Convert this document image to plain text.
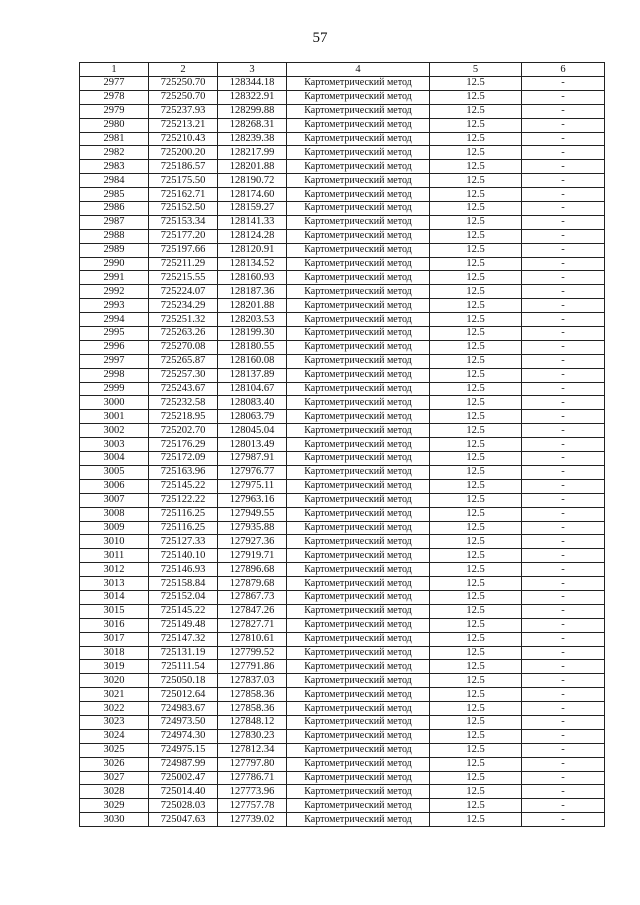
57
1	2	3	4	5	6
2977	725250.70	128344.18	Картометрический метод	12.5	-
2978	725250.70	128322.91	Картометрический метод	12.5	-
2979	725237.93	128299.88	Картометрический метод	12.5	-
2980	725213.21	128268.31	Картометрический метод	12.5	-
2981	725210.43	128239.38	Картометрический метод	12.5	-
2982	725200.20	128217.99	Картометрический метод	12.5	-
2983	725186.57	128201.88	Картометрический метод	12.5	-
2984	725175.50	128190.72	Картометрический метод	12.5	-
2985	725162.71	128174.60	Картометрический метод	12.5	-
2986	725152.50	128159.27	Картометрический метод	12.5	-
2987	725153.34	128141.33	Картометрический метод	12.5	-
2988	725177.20	128124.28	Картометрический метод	12.5	-
2989	725197.66	128120.91	Картометрический метод	12.5	-
2990	725211.29	128134.52	Картометрический метод	12.5	-
2991	725215.55	128160.93	Картометрический метод	12.5	-
2992	725224.07	128187.36	Картометрический метод	12.5	-
2993	725234.29	128201.88	Картометрический метод	12.5	-
2994	725251.32	128203.53	Картометрический метод	12.5	-
2995	725263.26	128199.30	Картометрический метод	12.5	-
2996	725270.08	128180.55	Картометрический метод	12.5	-
2997	725265.87	128160.08	Картометрический метод	12.5	-
2998	725257.30	128137.89	Картометрический метод	12.5	-
2999	725243.67	128104.67	Картометрический метод	12.5	-
3000	725232.58	128083.40	Картометрический метод	12.5	-
3001	725218.95	128063.79	Картометрический метод	12.5	-
3002	725202.70	128045.04	Картометрический метод	12.5	-
3003	725176.29	128013.49	Картометрический метод	12.5	-
3004	725172.09	127987.91	Картометрический метод	12.5	-
3005	725163.96	127976.77	Картометрический метод	12.5	-
3006	725145.22	127975.11	Картометрический метод	12.5	-
3007	725122.22	127963.16	Картометрический метод	12.5	-
3008	725116.25	127949.55	Картометрический метод	12.5	-
3009	725116.25	127935.88	Картометрический метод	12.5	-
3010	725127.33	127927.36	Картометрический метод	12.5	-
3011	725140.10	127919.71	Картометрический метод	12.5	-
3012	725146.93	127896.68	Картометрический метод	12.5	-
3013	725158.84	127879.68	Картометрический метод	12.5	-
3014	725152.04	127867.73	Картометрический метод	12.5	-
3015	725145.22	127847.26	Картометрический метод	12.5	-
3016	725149.48	127827.71	Картометрический метод	12.5	-
3017	725147.32	127810.61	Картометрический метод	12.5	-
3018	725131.19	127799.52	Картометрический метод	12.5	-
3019	725111.54	127791.86	Картометрический метод	12.5	-
3020	725050.18	127837.03	Картометрический метод	12.5	-
3021	725012.64	127858.36	Картометрический метод	12.5	-
3022	724983.67	127858.36	Картометрический метод	12.5	-
3023	724973.50	127848.12	Картометрический метод	12.5	-
3024	724974.30	127830.23	Картометрический метод	12.5	-
3025	724975.15	127812.34	Картометрический метод	12.5	-
3026	724987.99	127797.80	Картометрический метод	12.5	-
3027	725002.47	127786.71	Картометрический метод	12.5	-
3028	725014.40	127773.96	Картометрический метод	12.5	-
3029	725028.03	127757.78	Картометрический метод	12.5	-
3030	725047.63	127739.02	Картометрический метод	12.5	-
